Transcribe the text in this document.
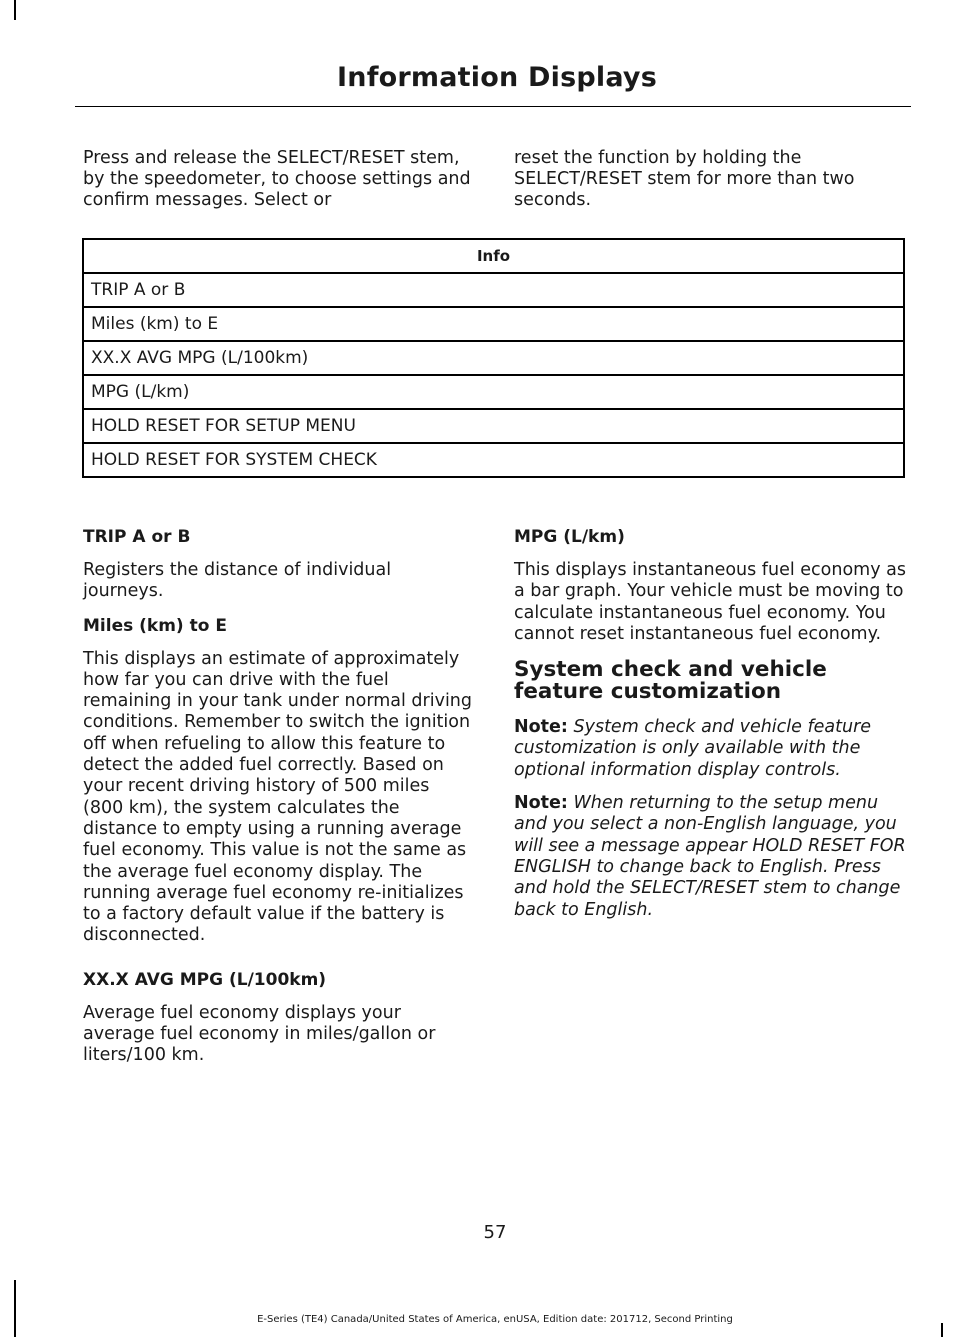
Information Displays

Press and release the SELECT/RESET stem, by the speedometer, to choose settings and confirm messages. Select or

reset the function by holding the SELECT/RESET stem for more than two seconds.

Info
TRIP A or B
Miles (km) to E
XX.X AVG MPG (L/100km)
MPG (L/km)
HOLD RESET FOR SETUP MENU
HOLD RESET FOR SYSTEM CHECK
TRIP A or B

Registers the distance of individual journeys.

Miles (km) to E

This displays an estimate of approximately how far you can drive with the fuel remaining in your tank under normal driving conditions. Remember to switch the ignition off when refueling to allow this feature to detect the added fuel correctly. Based on your recent driving history of 500 miles (800 km), the system calculates the distance to empty using a running average fuel economy. This value is not the same as the average fuel economy display. The running average fuel economy re-initializes to a factory default value if the battery is disconnected.

XX.X AVG MPG (L/100km)

Average fuel economy displays your average fuel economy in miles/gallon or liters/100 km.

MPG (L/km)

This displays instantaneous fuel economy as a bar graph. Your vehicle must be moving to calculate instantaneous fuel economy. You cannot reset instantaneous fuel economy.

System check and vehicle feature customization

Note: System check and vehicle feature customization is only available with the optional information display controls.

Note: When returning to the setup menu and you select a non-English language, you will see a message appear HOLD RESET FOR ENGLISH to change back to English. Press and hold the SELECT/RESET stem to change back to English.

57
E-Series (TE4) Canada/United States of America, enUSA, Edition date: 201712, Second Printing
